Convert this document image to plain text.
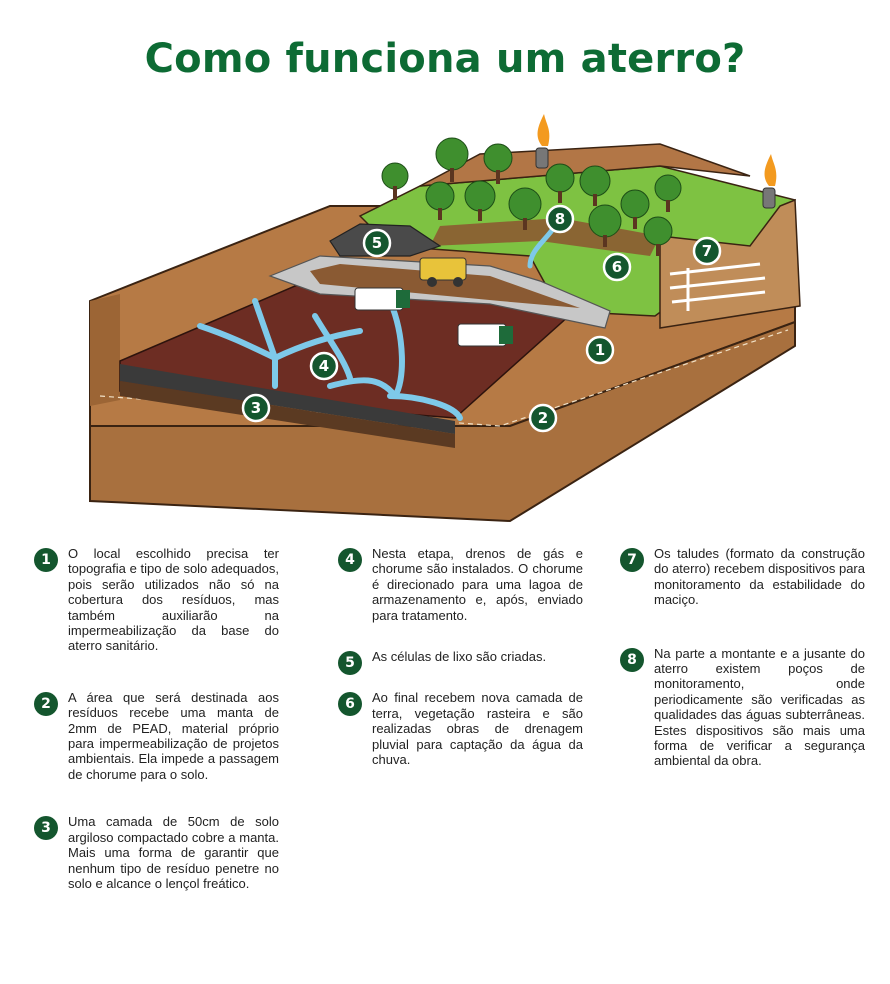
Como funciona um aterro?
1
2
3
4
5
6
7
8
1	O local escolhido precisa ter topografia e tipo de solo adequados, pois serão utilizados não só na cobertura dos resíduos, mas também auxiliarão na impermeabilização da base do aterro sanitário.
2	A área que será destinada aos resíduos recebe uma manta de 2mm de PEAD, material próprio para impermeabilização de projetos ambientais. Ela impede a passagem de chorume para o solo.
3	Uma camada de 50cm de solo argiloso compactado cobre a manta. Mais uma forma de garantir que nenhum tipo de resíduo penetre no solo e alcance o lençol freático.
4	Nesta etapa, drenos de gás e chorume são instalados. O chorume é direcionado para uma lagoa de armazenamento e, após, enviado para tratamento.
5	As células de lixo são criadas.
6	Ao final recebem nova camada de terra, vegetação rasteira e são realizadas obras de drenagem pluvial para captação da água da chuva.
7	Os taludes (formato da construção do aterro) recebem dispositivos para monitoramento da estabilidade do maciço.
8	Na parte a montante e a jusante do aterro existem poços de monitoramento, onde periodicamente são verificadas as qualidades das águas subterrâneas. Estes dispositivos são mais uma forma de verificar a segurança ambiental da obra.
